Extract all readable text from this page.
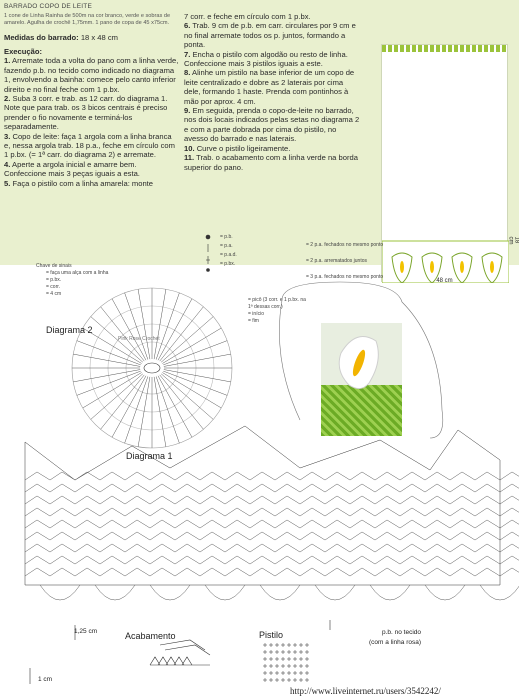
BARRADO COPO DE LEITE
1 cone de Linha Rainha de 500m na cor branco, verde e sobras de amarelo. Agulha de crochê 1,75mm. 1 pano de copa de 45 x75cm.
Medidas do barrado: 18 x 48 cm
Execução:
1. Arremate toda a volta do pano com a linha verde, fazendo p.b. no tecido como indicado no diagrama 1, envolvendo a bainha: comece pelo canto inferior direito e no final feche com 1 p.bx.
2. Suba 3 corr. e trab. as 12 carr. do diagrama 1. Note que para trab. os 3 bicos centrais é preciso prender o fio novamente e terminá-los separadamente.
3. Copo de leite: faça 1 argola com a linha branca e, nessa argola trab. 18 p.a., feche em círculo com 1 p.bx. (= 1ª carr. do diagrama 2) e arremate.
4. Aperte a argola inicial e amarre bem. Confeccione mais 3 peças iguais a esta.
5. Faça o pistilo com a linha amarela: monte
7 corr. e feche em círculo com 1 p.bx.
6. Trab. 9 cm de p.b. em carr. circulares por 9 cm e no final arremate todos os p. juntos, formando a ponta.
7. Encha o pistilo com algodão ou resto de linha. Confeccione mais 3 pistilos iguais a este.
8. Alinhe um pistilo na base inferior de um copo de leite centralizado e dobre as 2 laterais por cima dele, formando 1 haste. Prenda com pontinhos à mão por aprox. 4 cm.
9. Em seguida, prenda o copo-de-leite no barrado, nos dois locais indicados pelas setas no diagrama 2 e com a parte dobrada por cima do pistilo, no avesso do barrado e nas laterais.
10. Curve o pistilo ligeiramente.
11. Trab. o acabamento com a linha verde na borda superior do pano.
48 cm
18 cm
Chave de sinais
= faça uma alça com a linha
= p.bx.
= corr.
= 4 cm
= p.b.
= p.a.
= p.a.d.
= p.bx.
= 2 p.a. fechados no mesmo ponto
= 2 p.a. arrematados juntos
= 3 p.a. fechados no mesmo ponto
= picô (3 corr. e 1 p.bx. na 1ª dessas corr.)
= início
= fim
Diagrama 2
Pink Rose Crochet
Diagrama 1
Acabamento	Pistilo	p.b. no tecido
(com a linha rosa)
1,25 cm
1 cm
http://www.liveinternet.ru/users/3542242/
